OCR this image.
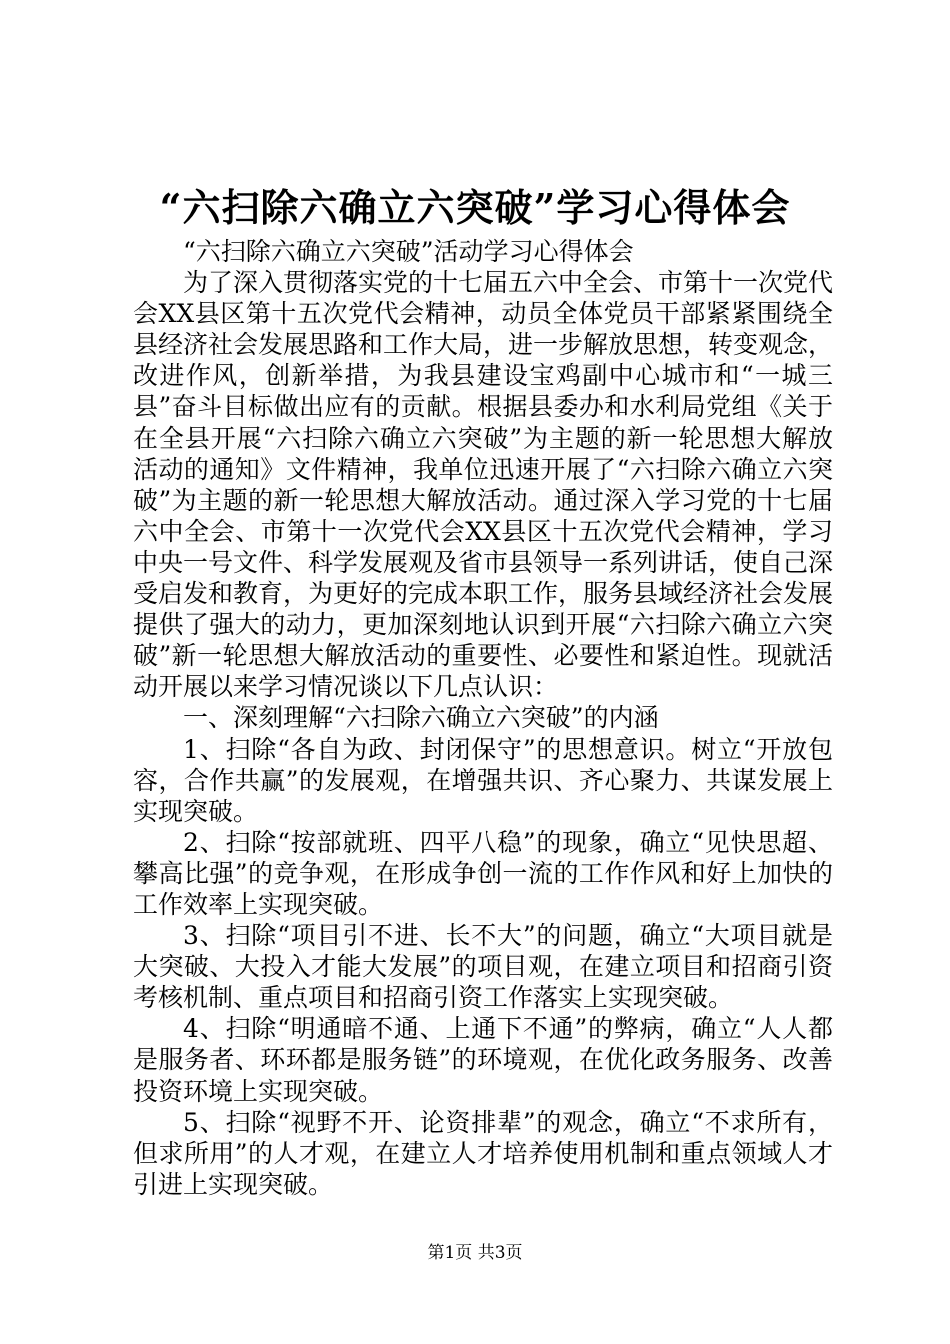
“六扫除六确立六突破”学习心得体会

“六扫除六确立六突破”活动学习心得体会

为了深入贯彻落实党的十七届五六中全会、市第十一次党代会XX县区第十五次党代会精神，动员全体党员干部紧紧围绕全县经济社会发展思路和工作大局，进一步解放思想，转变观念，改进作风，创新举措，为我县建设宝鸡副中心城市和“一城三县”奋斗目标做出应有的贡献。根据县委办和水利局党组《关于在全县开展“六扫除六确立六突破”为主题的新一轮思想大解放活动的通知》文件精神，我单位迅速开展了“六扫除六确立六突破”为主题的新一轮思想大解放活动。通过深入学习党的十七届六中全会、市第十一次党代会XX县区十五次党代会精神，学习中央一号文件、科学发展观及省市县领导一系列讲话，使自己深受启发和教育，为更好的完成本职工作，服务县域经济社会发展提供了强大的动力，更加深刻地认识到开展“六扫除六确立六突破”新一轮思想大解放活动的重要性、必要性和紧迫性。现就活动开展以来学习情况谈以下几点认识：

一、深刻理解“六扫除六确立六突破”的内涵

1、扫除“各自为政、封闭保守”的思想意识。树立“开放包容，合作共赢”的发展观，在增强共识、齐心聚力、共谋发展上实现突破。

2、扫除“按部就班、四平八稳”的现象，确立“见快思超、攀高比强”的竞争观，在形成争创一流的工作作风和好上加快的工作效率上实现突破。

3、扫除“项目引不进、长不大”的问题，确立“大项目就是大突破、大投入才能大发展”的项目观，在建立项目和招商引资考核机制、重点项目和招商引资工作落实上实现突破。

4、扫除“明通暗不通、上通下不通”的弊病，确立“人人都是服务者、环环都是服务链”的环境观，在优化政务服务、改善投资环境上实现突破。

5、扫除“视野不开、论资排辈”的观念，确立“不求所有，但求所用”的人才观，在建立人才培养使用机制和重点领域人才引进上实现突破。

第1页 共3页
